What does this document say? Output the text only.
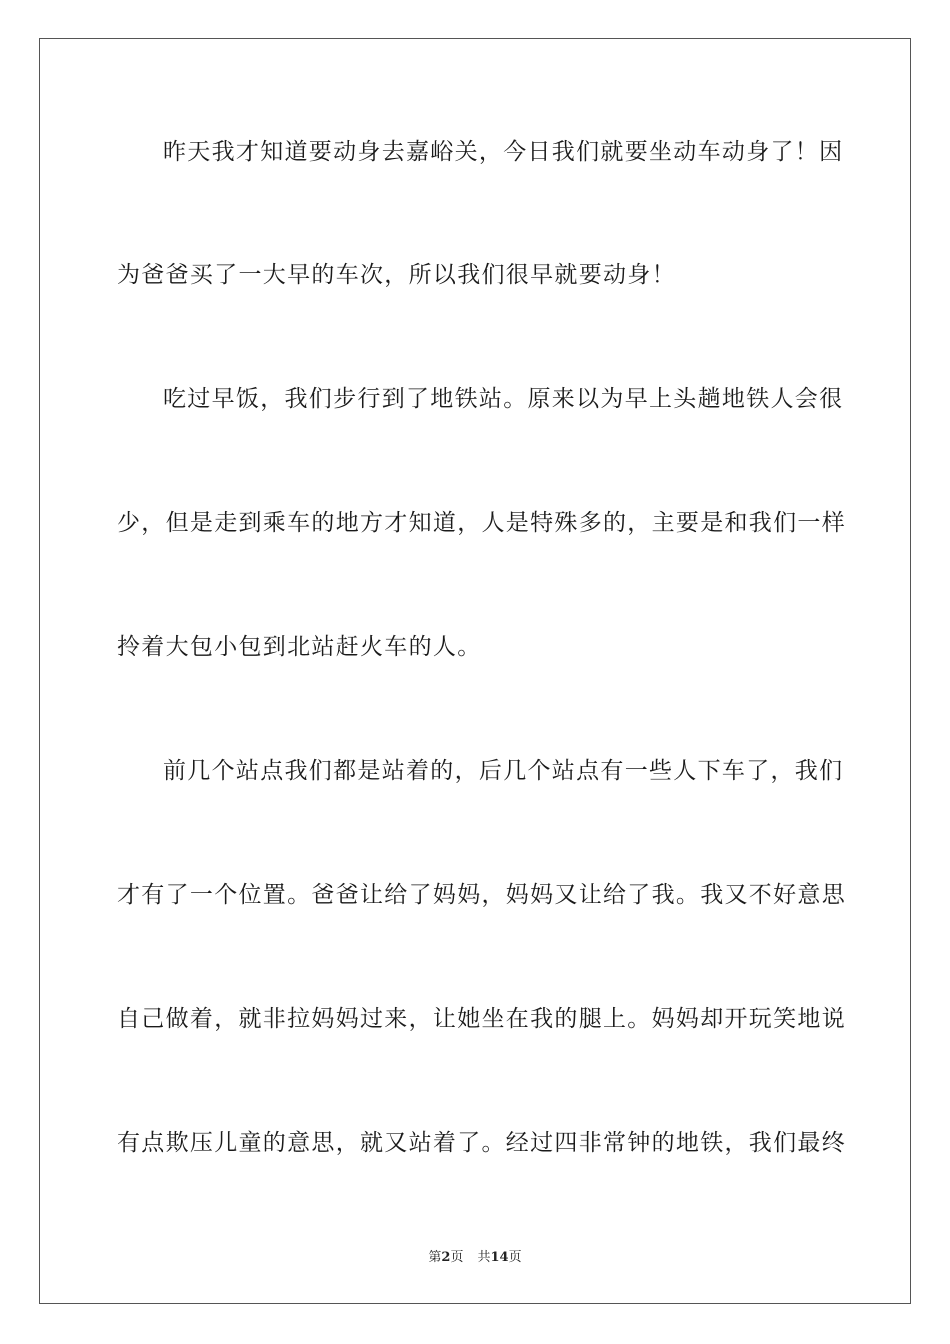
昨天我才知道要动身去嘉峪关，今日我们就要坐动车动身了！因

为爸爸买了一大早的车次，所以我们很早就要动身！

吃过早饭，我们步行到了地铁站。原来以为早上头趟地铁人会很

少，但是走到乘车的地方才知道，人是特殊多的，主要是和我们一样

拎着大包小包到北站赶火车的人。

前几个站点我们都是站着的，后几个站点有一些人下车了，我们

才有了一个位置。爸爸让给了妈妈，妈妈又让给了我。我又不好意思

自己做着，就非拉妈妈过来，让她坐在我的腿上。妈妈却开玩笑地说

有点欺压儿童的意思，就又站着了。经过四非常钟的地铁，我们最终

第2页 共14页
